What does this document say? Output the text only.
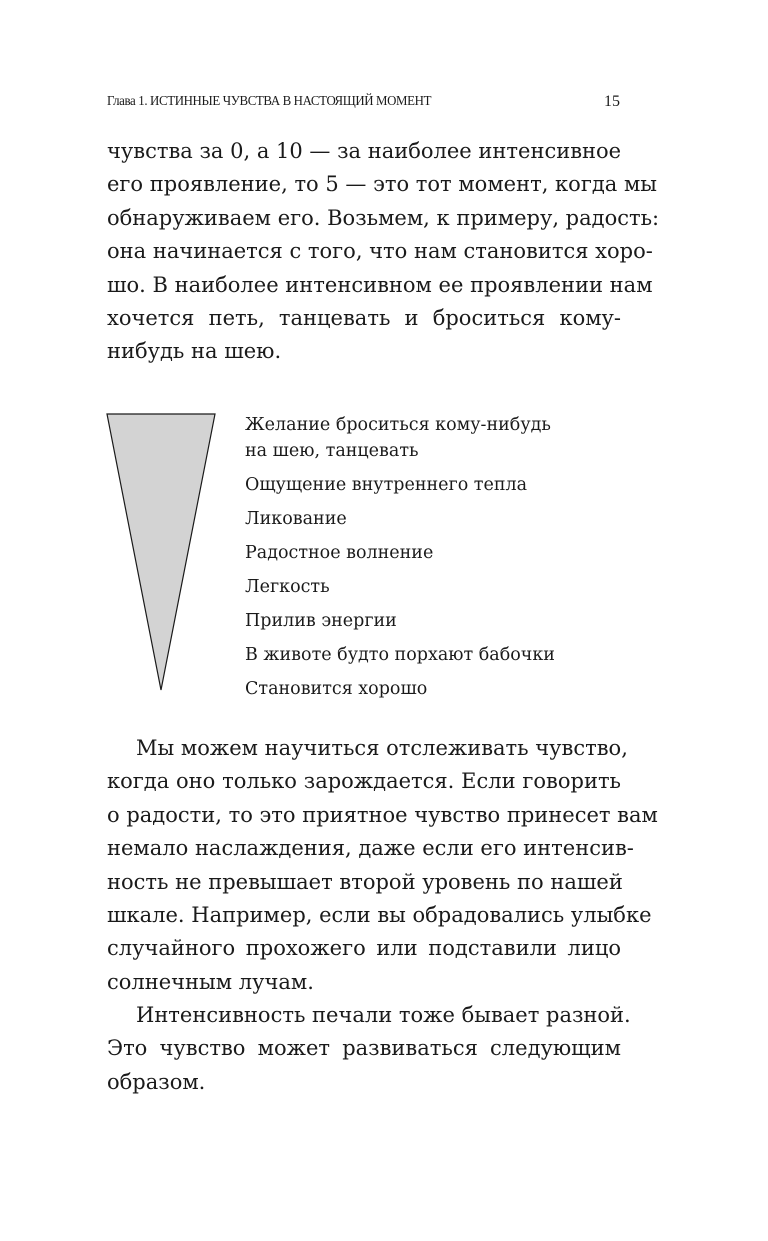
Глава 1. ИСТИННЫЕ ЧУВСТВА В НАСТОЯЩИЙ МОМЕНТ	15

чувства за 0, а 10 — за наиболее интенсивное
его проявление, то 5 — это тот момент, когда мы
обнаруживаем его. Возьмем, к примеру, радость:
она начинается с того, что нам становится хоро-
шо. В наиболее интенсивном ее проявлении нам
хочется петь, танцевать и броситься кому-
нибудь на шею.

Желание броситься кому-нибудь
на шею, танцевать
Ощущение внутреннего тепла
Ликование
Радостное волнение
Легкость
Прилив энергии
В животе будто порхают бабочки
Становится хорошо

Мы можем научиться отслеживать чувство,
когда оно только зарождается. Если говорить
о радости, то это приятное чувство принесет вам
немало наслаждения, даже если его интенсив-
ность не превышает второй уровень по нашей
шкале. Например, если вы обрадовались улыбке
случайного прохожего или подставили лицо
солнечным лучам.

Интенсивность печали тоже бывает разной.
Это чувство может развиваться следующим
образом.
